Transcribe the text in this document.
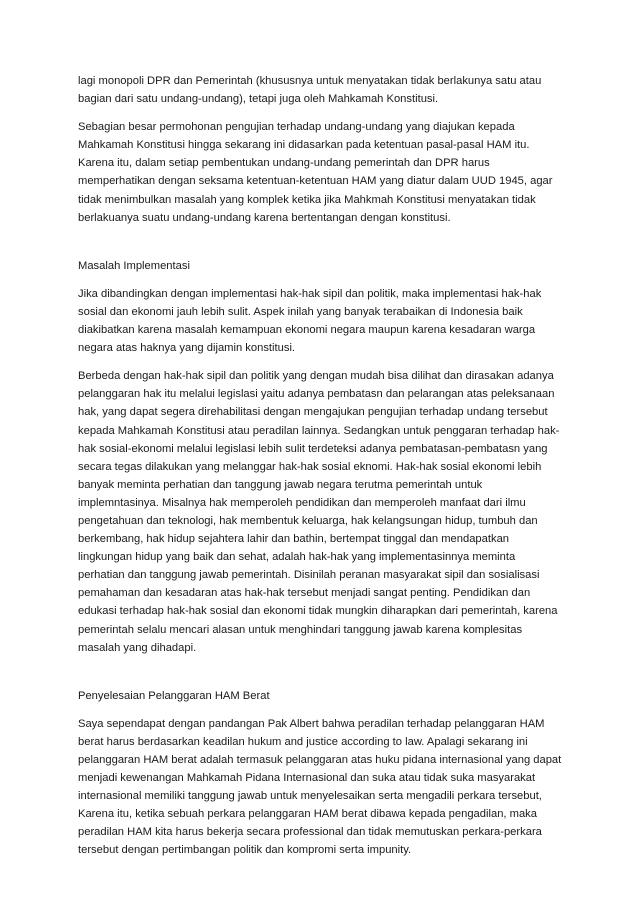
lagi monopoli DPR dan Pemerintah (khususnya untuk menyatakan tidak berlakunya satu atau bagian dari satu undang-undang), tetapi juga oleh Mahkamah Konstitusi.

Sebagian besar permohonan pengujian terhadap undang-undang yang diajukan kepada Mahkamah Konstitusi hingga sekarang ini didasarkan pada ketentuan pasal-pasal HAM itu. Karena itu, dalam setiap pembentukan undang-undang pemerintah dan DPR harus memperhatikan dengan seksama ketentuan-ketentuan HAM yang diatur dalam UUD 1945, agar tidak menimbulkan masalah yang komplek ketika jika Mahkmah Konstitusi menyatakan tidak berlakuanya suatu undang-undang karena bertentangan dengan konstitusi.

Masalah Implementasi

Jika dibandingkan dengan implementasi hak-hak sipil dan politik, maka implementasi hak-hak sosial dan ekonomi jauh lebih sulit. Aspek inilah yang banyak terabaikan di Indonesia baik diakibatkan karena masalah kemampuan ekonomi negara maupun karena kesadaran warga negara atas haknya yang dijamin konstitusi.

Berbeda dengan hak-hak sipil dan politik yang dengan mudah bisa dilihat dan dirasakan adanya pelanggaran hak itu melalui legislasi yaitu adanya pembatasn dan pelarangan atas peleksanaan hak, yang dapat segera direhabilitasi dengan mengajukan pengujian terhadap undang tersebut kepada Mahkamah Konstitusi atau peradilan lainnya. Sedangkan untuk penggaran terhadap hak-hak sosial-ekonomi melalui legislasi lebih sulit terdeteksi adanya pembatasan-pembatasn yang secara tegas dilakukan yang melanggar hak-hak sosial eknomi. Hak-hak sosial ekonomi lebih banyak meminta perhatian dan tanggung jawab negara terutma pemerintah untuk implemntasinya. Misalnya hak memperoleh pendidikan dan memperoleh manfaat dari ilmu pengetahuan dan teknologi, hak membentuk keluarga, hak kelangsungan hidup, tumbuh dan berkembang, hak hidup sejahtera lahir dan bathin, bertempat tinggal dan mendapatkan lingkungan hidup yang baik dan sehat, adalah hak-hak yang implementasinnya meminta perhatian dan tanggung jawab pemerintah. Disinilah peranan masyarakat sipil dan sosialisasi pemahaman dan kesadaran atas hak-hak tersebut menjadi sangat penting. Pendidikan dan edukasi terhadap hak-hak sosial dan ekonomi tidak mungkin diharapkan dari pemerintah, karena pemerintah selalu mencari alasan untuk menghindari tanggung jawab karena komplesitas masalah yang dihadapi.

Penyelesaian Pelanggaran HAM Berat

Saya sependapat dengan pandangan Pak Albert bahwa peradilan terhadap pelanggaran HAM berat harus berdasarkan keadilan hukum and justice according to law. Apalagi sekarang ini pelanggaran HAM berat adalah termasuk pelanggaran atas huku pidana internasional yang dapat menjadi kewenangan Mahkamah Pidana Internasional dan suka atau tidak suka masyarakat internasional memiliki tanggung jawab untuk menyelesaikan serta mengadili perkara tersebut, Karena itu, ketika sebuah perkara pelanggaran HAM berat dibawa kepada pengadilan, maka peradilan HAM kita harus bekerja secara professional dan tidak memutuskan perkara-perkara tersebut dengan pertimbangan politik dan kompromi serta impunity.
